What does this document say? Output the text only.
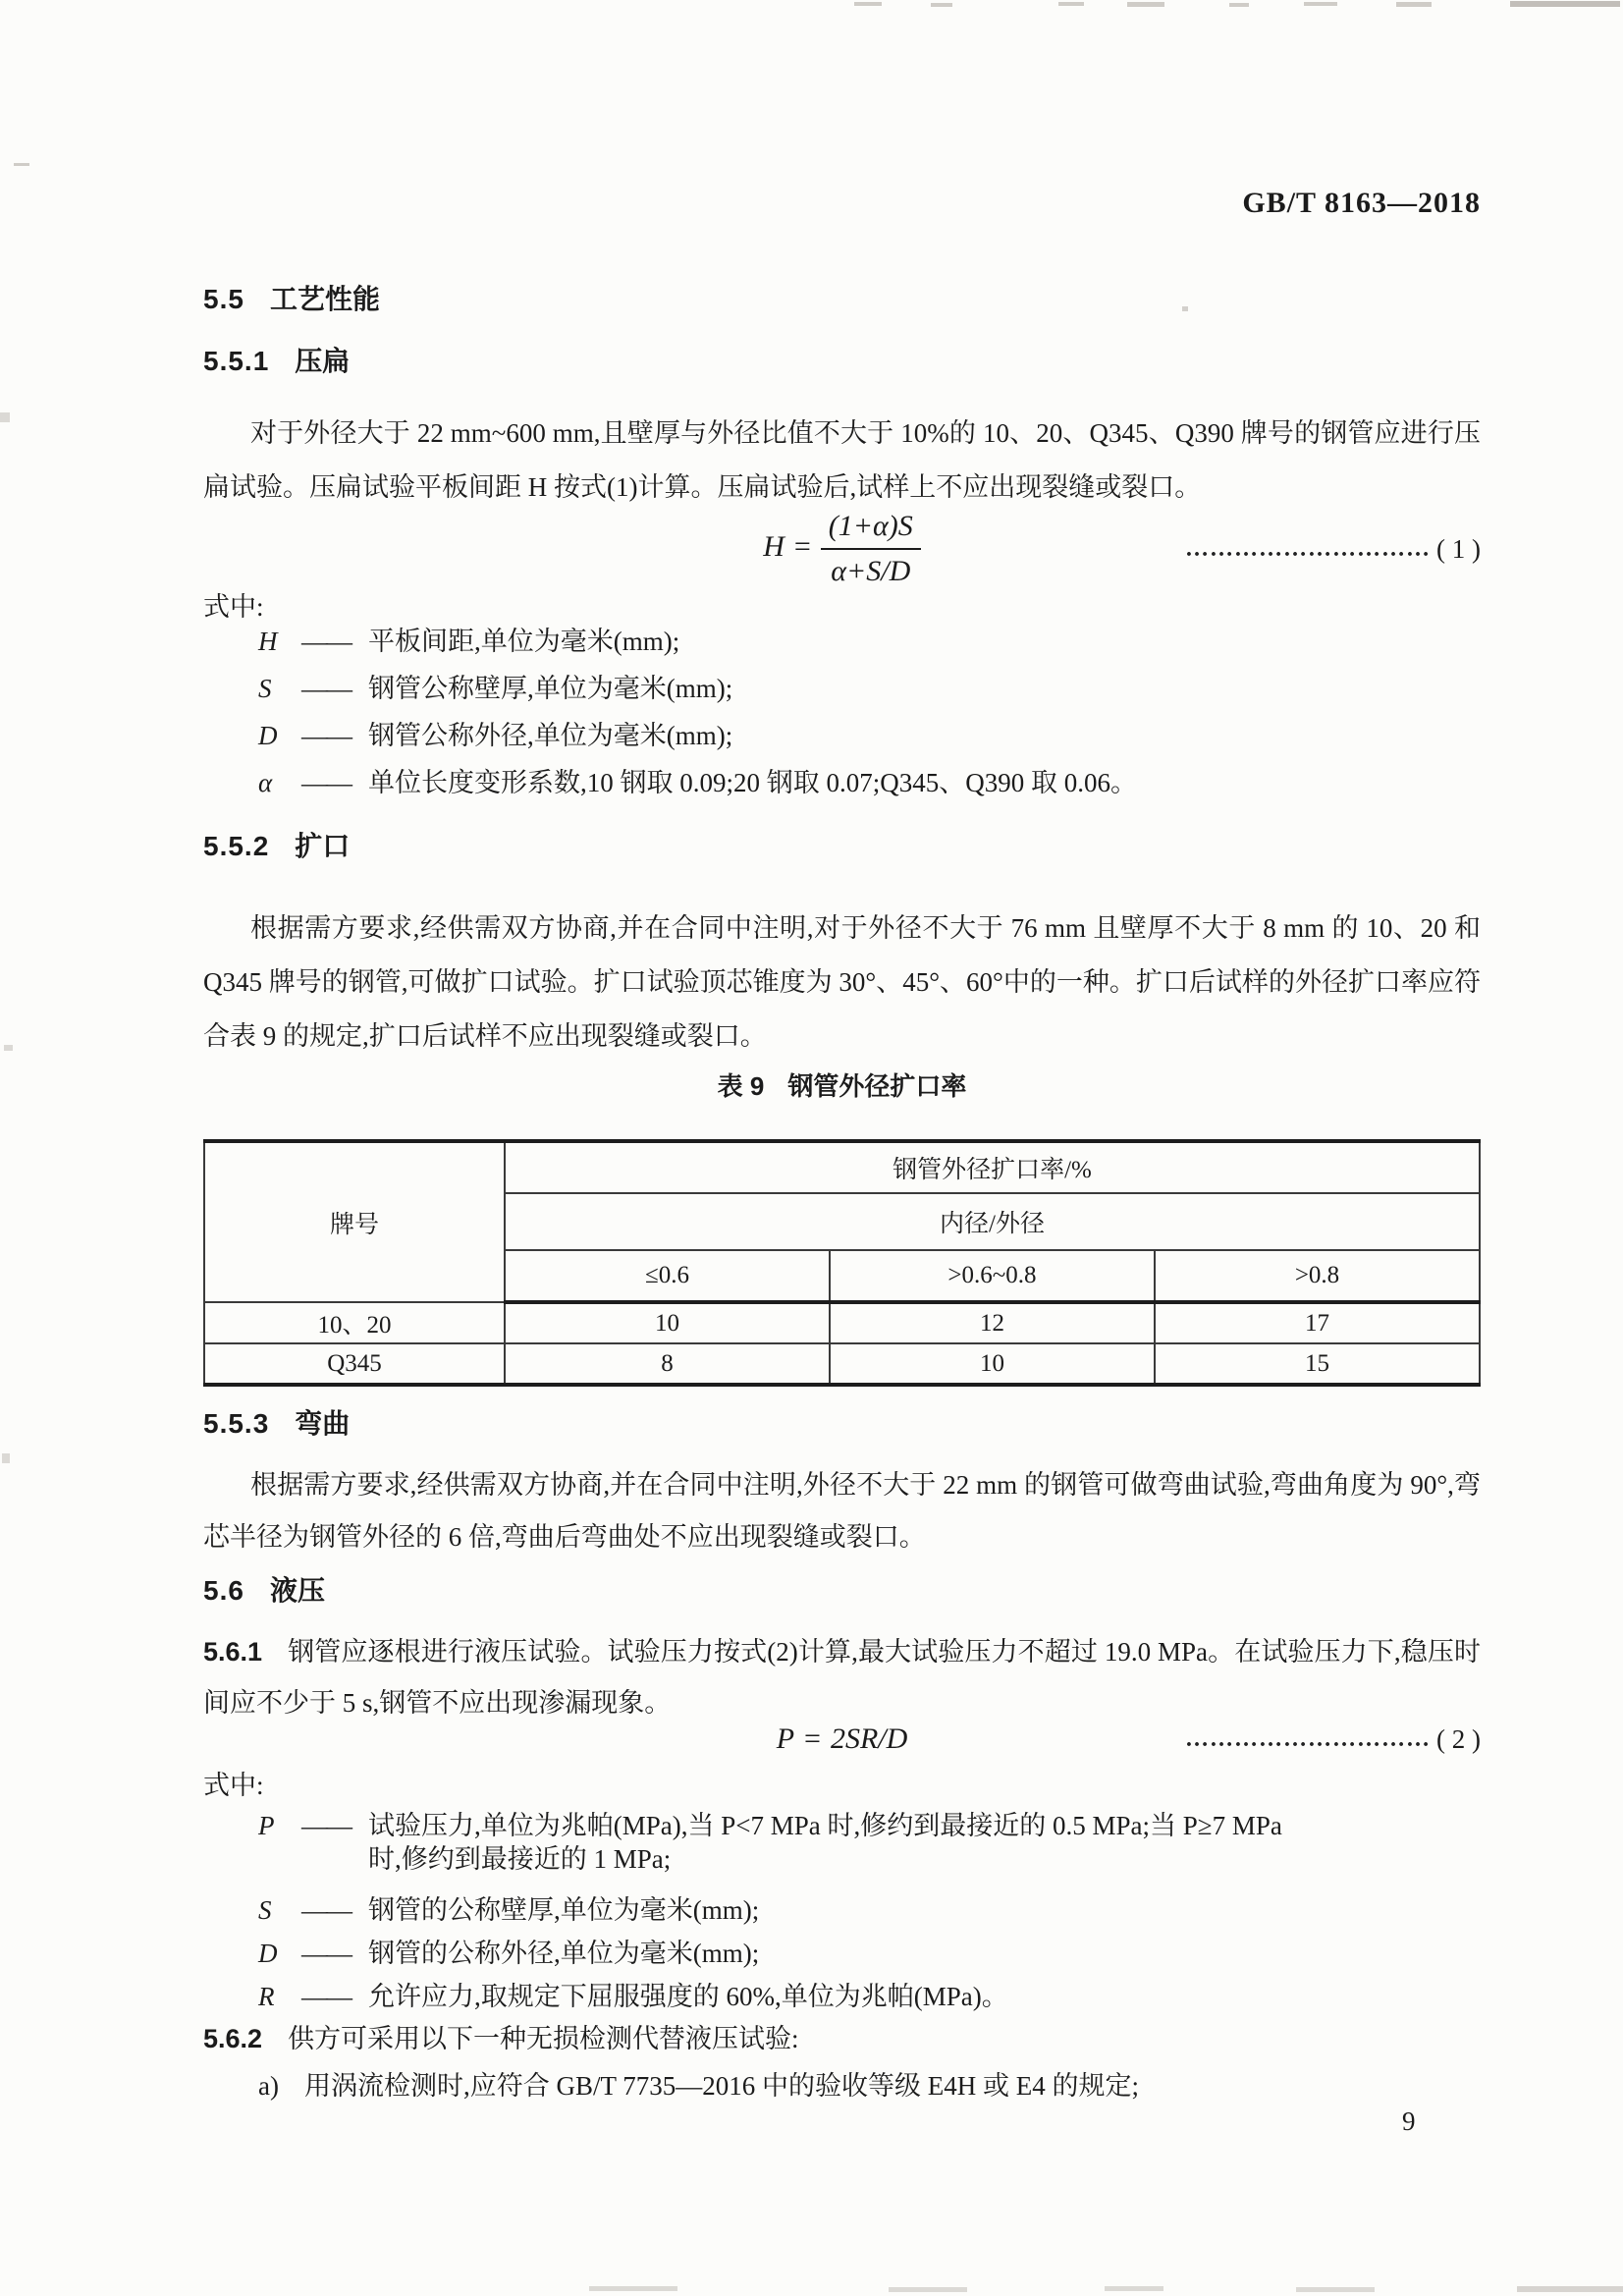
GB/T 8163—2018
5.5 工艺性能
5.5.1 压扁
对于外径大于 22 mm~600 mm,且壁厚与外径比值不大于 10%的 10、20、Q345、Q390 牌号的钢管应进行压扁试验。压扁试验平板间距 H 按式(1)计算。压扁试验后,试样上不应出现裂缝或裂口。
$H = \frac{(1+\alpha)S}{\alpha+S/D}$	………………………… ( 1 )
式中:
H —— 平板间距,单位为毫米(mm);
S	—— 钢管公称壁厚,单位为毫米(mm);
D —— 钢管公称外径,单位为毫米(mm);
α	—— 单位长度变形系数,10 钢取 0.09;20 钢取 0.07;Q345、Q390 取 0.06。
5.5.2 扩口
根据需方要求,经供需双方协商,并在合同中注明,对于外径不大于 76 mm 且壁厚不大于 8 mm 的 10、20 和 Q345 牌号的钢管,可做扩口试验。扩口试验顶芯锥度为 30°、45°、60°中的一种。扩口后试样的外径扩口率应符合表 9 的规定,扩口后试样不应出现裂缝或裂口。
表 9 钢管外径扩口率
牌号	钢管外径扩口率/%		
	内径/外径		
	≤0.6	>0.6~0.8	>0.8
10、20	10	12	17
Q345	8	10	15
5.5.3 弯曲
根据需方要求,经供需双方协商,并在合同中注明,外径不大于 22 mm 的钢管可做弯曲试验,弯曲角度为 90°,弯芯半径为钢管外径的 6 倍,弯曲后弯曲处不应出现裂缝或裂口。
5.6 液压
5.6.1 钢管应逐根进行液压试验。试验压力按式(2)计算,最大试验压力不超过 19.0 MPa。在试验压力下,稳压时间应不少于 5 s,钢管不应出现渗漏现象。
P = 2SR/D	………………………… ( 2 )
式中:
P	—— 试验压力,单位为兆帕(MPa),当 P<7 MPa 时,修约到最接近的 0.5 MPa;当 P≥7 MPa
时,修约到最接近的 1 MPa;
S	—— 钢管的公称壁厚,单位为毫米(mm);
D —— 钢管的公称外径,单位为毫米(mm);
R	—— 允许应力,取规定下屈服强度的 60%,单位为兆帕(MPa)。
5.6.2 供方可采用以下一种无损检测代替液压试验:
a) 用涡流检测时,应符合 GB/T 7735—2016 中的验收等级 E4H 或 E4 的规定;
9
